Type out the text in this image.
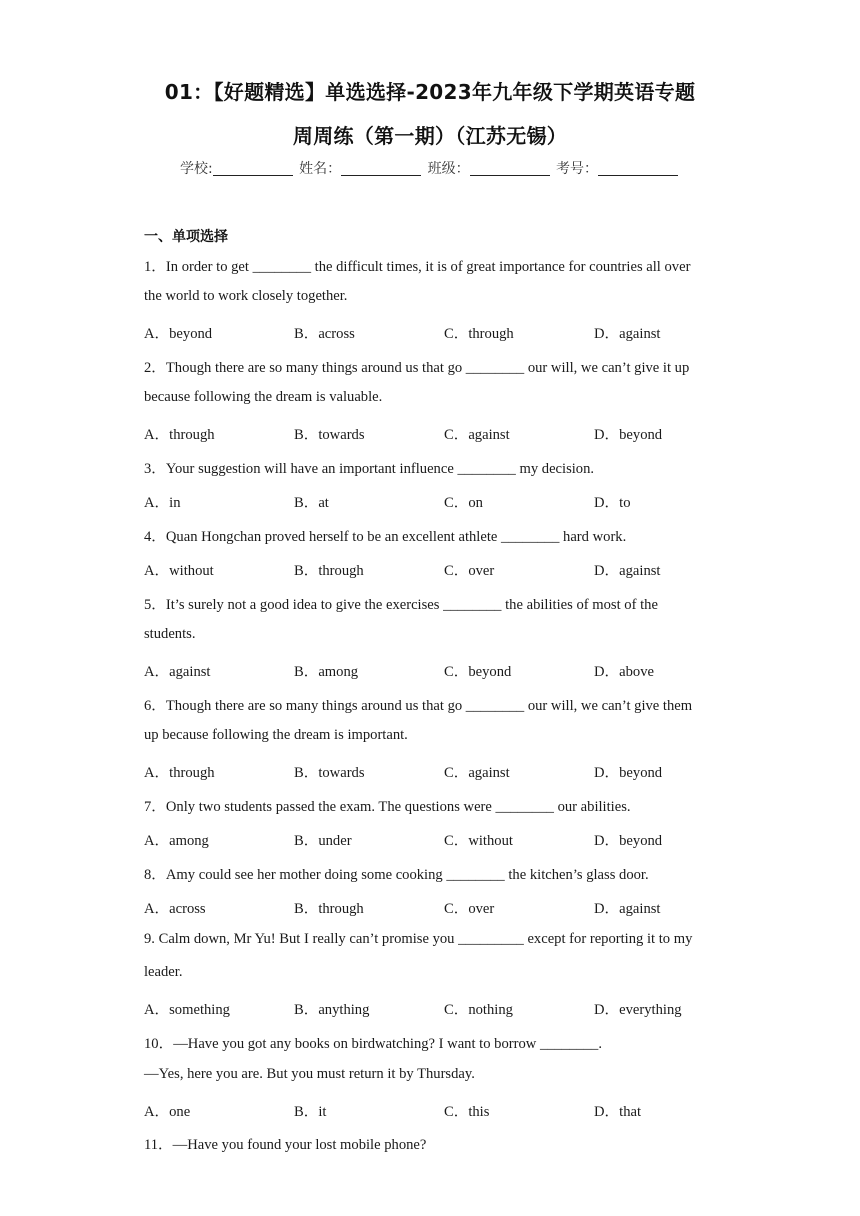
01：【好题精选】单选选择-2023年九年级下学期英语专题
周周练（第一期）（江苏无锡）
学校:	姓名：	班级：	考号：
一、单项选择
1．In order to get ________ the difficult times, it is of great importance for countries all over
the world to work closely together.
A．beyond	B．across	C．through	D．against
2．Though there are so many things around us that go ________ our will, we can’t give it up
because following the dream is valuable.
A．through	B．towards	C．against	D．beyond
3．Your suggestion will have an important influence ________ my decision.
A．in	B．at	C．on	D．to
4．Quan Hongchan proved herself to be an excellent athlete ________ hard work.
A．without	B．through	C．over	D．against
5．It’s surely not a good idea to give the exercises ________ the abilities of most of the
students.
A．against	B．among	C．beyond	D．above
6．Though there are so many things around us that go ________ our will, we can’t give them
up because following the dream is important.
A．through	B．towards	C．against	D．beyond
7．Only two students passed the exam. The questions were ________ our abilities.
A．among	B．under	C．without	D．beyond
8．Amy could see her mother doing some cooking ________ the kitchen’s glass door.
A．across	B．through	C．over	D．against
9. Calm down, Mr Yu! But I really can’t promise you _________ except for reporting it to my
leader.
A．something	B．anything	C．nothing	D．everything
10．—Have you got any books on birdwatching? I want to borrow ________.
—Yes, here you are. But you must return it by Thursday.
A．one	B．it	C．this	D．that
11．—Have you found your lost mobile phone?
